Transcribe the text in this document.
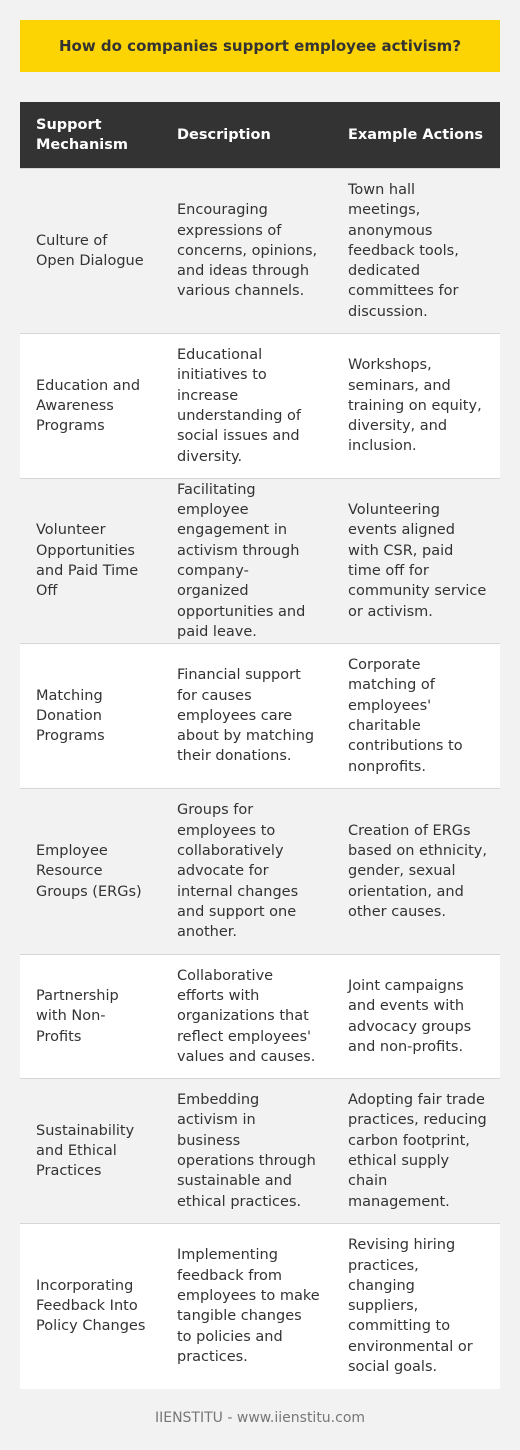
How do companies support employee activism?
Support Mechanism	Description	Example Actions
Culture of Open Dialogue	Encouraging expressions of concerns, opinions, and ideas through various channels.	Town hall meetings, anonymous feedback tools, dedicated committees for discussion.
Education and Awareness Programs	Educational initiatives to increase understanding of social issues and diversity.	Workshops, seminars, and training on equity, diversity, and inclusion.
Volunteer Opportunities and Paid Time Off	Facilitating employee engagement in activism through company-organized opportunities and paid leave.	Volunteering events aligned with CSR, paid time off for community service or activism.
Matching Donation Programs	Financial support for causes employees care about by matching their donations.	Corporate matching of employees' charitable contributions to nonprofits.
Employee Resource Groups (ERGs)	Groups for employees to collaboratively advocate for internal changes and support one another.	Creation of ERGs based on ethnicity, gender, sexual orientation, and other causes.
Partnership with Non-Profits	Collaborative efforts with organizations that reflect employees' values and causes.	Joint campaigns and events with advocacy groups and non-profits.
Sustainability and Ethical Practices	Embedding activism in business operations through sustainable and ethical practices.	Adopting fair trade practices, reducing carbon footprint, ethical supply chain management.
Incorporating Feedback Into Policy Changes	Implementing feedback from employees to make tangible changes to policies and practices.	Revising hiring practices, changing suppliers, committing to environmental or social goals.
IIENSTITU - www.iienstitu.com
